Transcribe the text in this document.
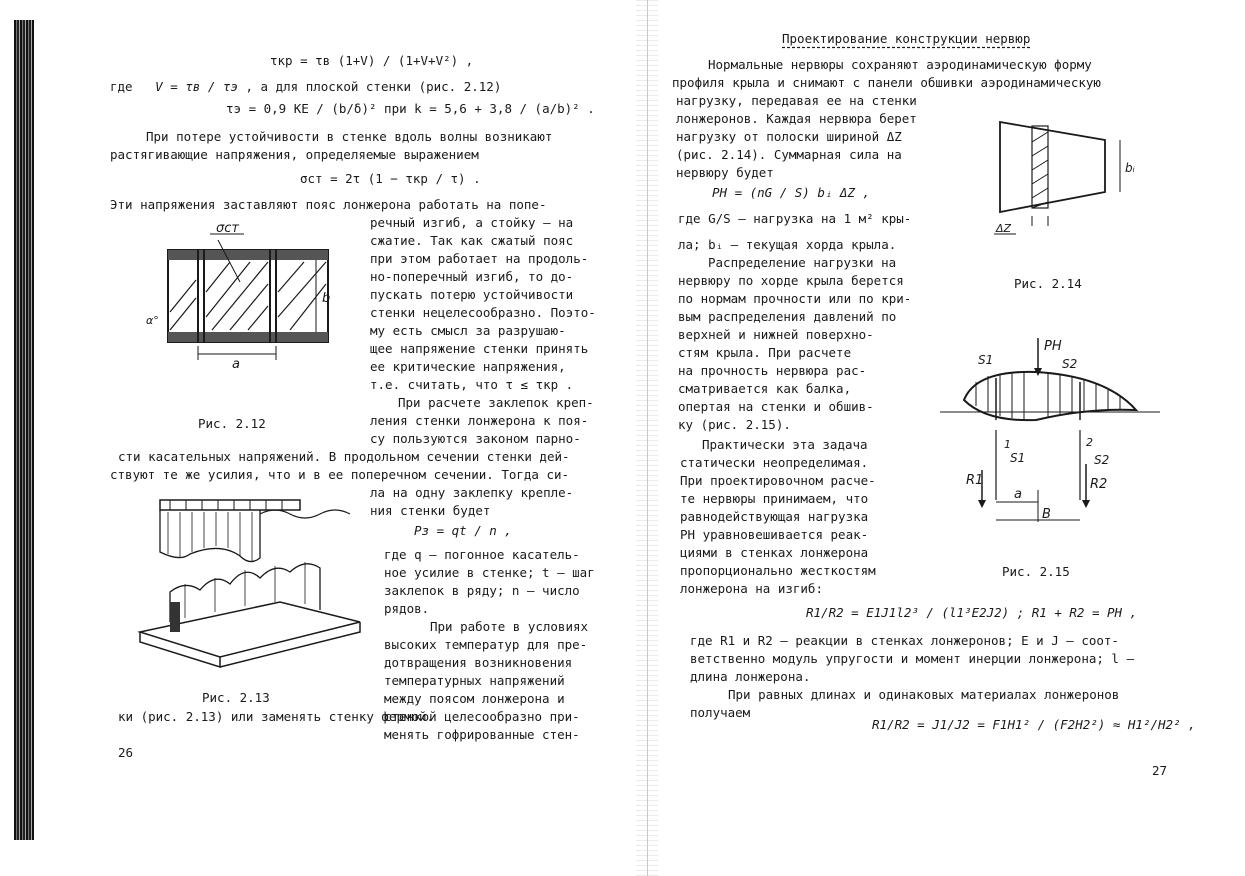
τкр = τв (1+V) / (1+V+V²) ,
где V = τв / τэ , а для плоской стенки (рис. 2.12)
τэ = 0,9 KE / (b/δ)² при k = 5,6 + 3,8 / (a/b)² .
При потере устойчивости в стенке вдоль волны возникают
растягивающие напряжения, определяемые выражением
σст = 2τ (1 − τкр / τ) .
Эти напряжения заставляют пояс лонжерона работать на попе-
речный изгиб, а стойку – на
сжатие. Так как сжатый пояс
при этом работает на продоль-
но-поперечный изгиб, то до-
пускать потерю устойчивости
стенки нецелесообразно. Поэто-
му есть смысл за разрушаю-
щее напряжение стенки принять
ее критические напряжения,
т.е. считать, что τ ≤ τкр .
При расчете заклепок креп-
ления стенки лонжерона к поя-
су пользуются законом парно-
Рис. 2.12
σст
α°
a
b
сти касательных напряжений. В продольном сечении стенки дей-
ствуют те же усилия, что и в ее поперечном сечении. Тогда си-
ла на одну заклепку крепле-
ния стенки будет
Pз = qt / n ,
где q – погонное касатель-
ное усилие в стенке; t – шаг
заклепок в ряду; n – число
рядов.
При работе в условиях
высоких температур для пре-
дотвращения возникновения
температурных напряжений
между поясом лонжерона и
стенкой целесообразно при-
менять гофрированные стен-
Рис. 2.13
ки (рис. 2.13) или заменять стенку фермой.
26
Проектирование конструкции нервюр
Нормальные нервюры сохраняют аэродинамическую форму
профиля крыла и снимают с панели обшивки аэродинамическую
нагрузку, передавая ее на стенки
лонжеронов. Каждая нервюра берет
нагрузку от полоски шириной ΔZ
(рис. 2.14). Суммарная сила на
нервюру будет
PН = (nG / S) bᵢ ΔZ ,
где G/S – нагрузка на 1 м² кры-
ла; bᵢ – текущая хорда крыла.
Распределение нагрузки на
нервюру по хорде крыла берется
по нормам прочности или по кри-
вым распределения давлений по
верхней и нижней поверхно-
стям крыла. При расчете
на прочность нервюра рас-
сматривается как балка,
опертая на стенки и обшив-
ку (рис. 2.15).
Практически эта задача
статически неопределимая.
При проектировочном расче-
те нервюры принимаем, что
равнодействующая нагрузка
PН уравновешивается реак-
циями в стенках лонжерона
пропорционально жесткостям
лонжерона на изгиб:
Рис. 2.14
Рис. 2.15
R1/R2 = E1J1l2³ / (l1³E2J2) ; R1 + R2 = PН ,
где R1 и R2 – реакции в стенках лонжеронов; E и J – соот-
ветственно модуль упругости и момент инерции лонжерона; l –
длина лонжерона.
При равных длинах и одинаковых материалах лонжеронов
получаем
R1/R2 = J1/J2 = F1H1² / (F2H2²) ≈ H1²/H2² ,
27
bᵢ
ΔZ
PН
S1	S2
1	2
S1	S2
R1	R2
a
B
